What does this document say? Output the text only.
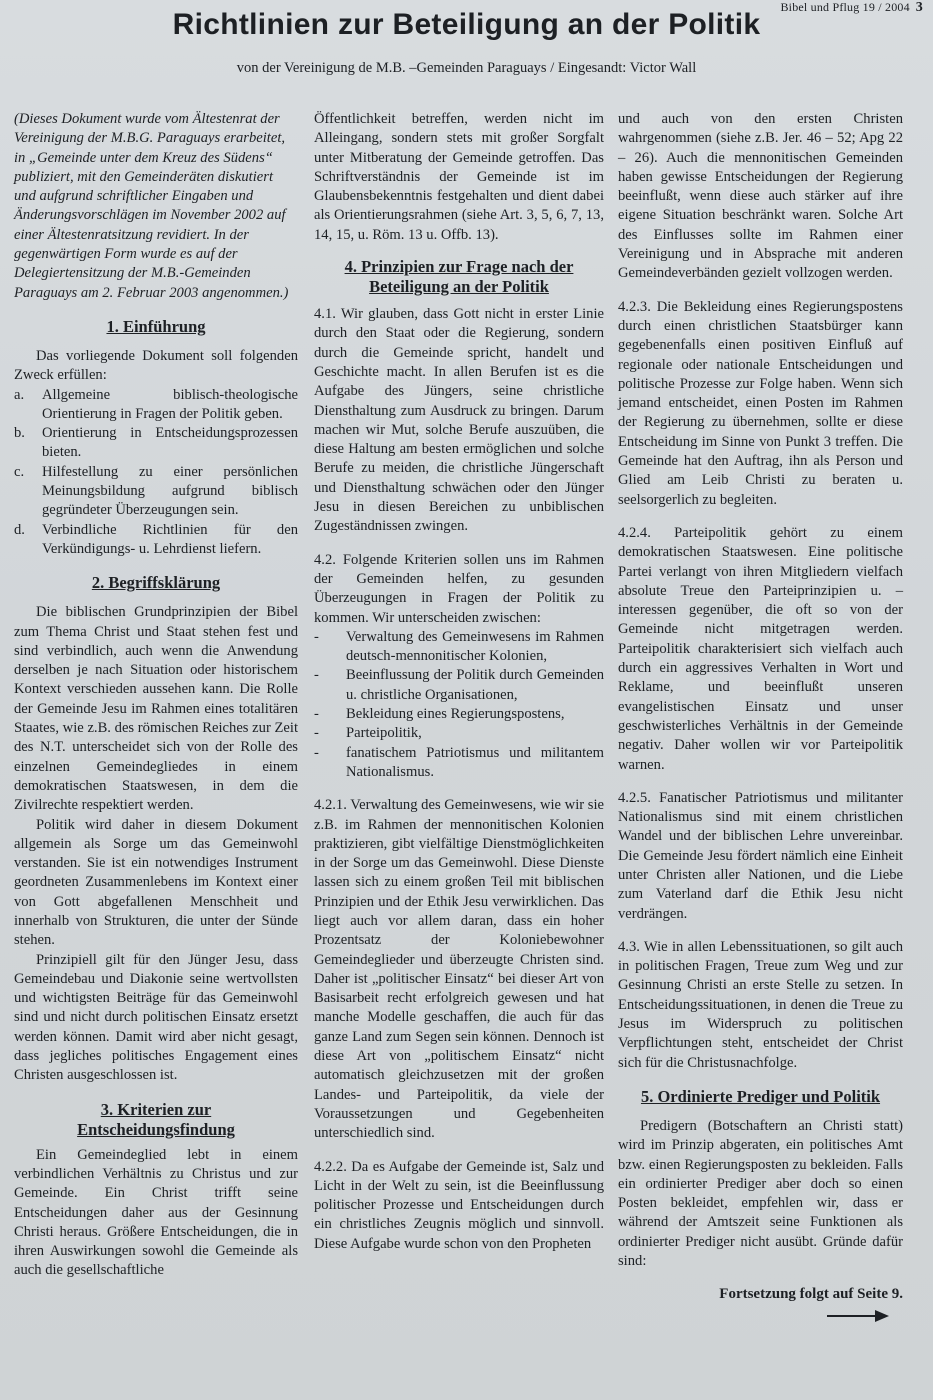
Bibel und Pflug 19 / 2004 3
Richtlinien zur Beteiligung an der Politik

von der Vereinigung de M.B. –Gemeinden Paraguays / Eingesandt: Victor Wall

(Dieses Dokument wurde vom Ältestenrat der Vereinigung der M.B.G. Paraguays erarbeitet, in „Gemeinde unter dem Kreuz des Südens“ publiziert, mit den Gemeinderäten diskutiert und aufgrund schriftlicher Eingaben und Änderungsvorschlägen im November 2002 auf einer Ältestenratsitzung revidiert. In der gegenwärtigen Form wurde es auf der Delegiertensitzung der M.B.-Gemeinden Paraguays am 2. Februar 2003 angenommen.)

1. Einführung

Das vorliegende Dokument soll folgenden Zweck erfüllen:

a.	Allgemeine biblisch-theologische Orientierung in Fragen der Politik geben.
b.	Orientierung in Entscheidungsprozessen bieten.
c.	Hilfestellung zu einer persönlichen Meinungsbildung aufgrund biblisch gegründeter Überzeugungen sein.
d.	Verbindliche Richtlinien für den Verkündigungs- u. Lehrdienst liefern.
2. Begriffsklärung

Die biblischen Grundprinzipien der Bibel zum Thema Christ und Staat stehen fest und sind verbindlich, auch wenn die Anwendung derselben je nach Situation oder historischem Kontext verschieden aussehen kann. Die Rolle der Gemeinde Jesu im Rahmen eines totalitären Staates, wie z.B. des römischen Reiches zur Zeit des N.T. unterscheidet sich von der Rolle des einzelnen Gemeindegliedes in einem demokratischen Staatswesen, in dem die Zivilrechte respektiert werden.

Politik wird daher in diesem Dokument allgemein als Sorge um das Gemeinwohl verstanden. Sie ist ein notwendiges Instrument geordneten Zusammenlebens im Kontext einer von Gott abgefallenen Menschheit und innerhalb von Strukturen, die unter der Sünde stehen.

Prinzipiell gilt für den Jünger Jesu, dass Gemeindebau und Diakonie seine wertvollsten und wichtigsten Beiträge für das Gemeinwohl sind und nicht durch politischen Einsatz ersetzt werden können. Damit wird aber nicht gesagt, dass jegliches politisches Engagement eines Christen ausgeschlossen ist.

3. Kriterien zur
Entscheidungsfindung

Ein Gemeindeglied lebt in einem verbindlichen Verhältnis zu Christus und zur Gemeinde. Ein Christ trifft seine Entscheidungen daher aus der Gesinnung Christi heraus. Größere Entscheidungen, die in ihren Auswirkungen sowohl die Gemeinde als auch die gesellschaftliche

Öffentlichkeit betreffen, werden nicht im Alleingang, sondern stets mit großer Sorgfalt unter Mitberatung der Gemeinde getroffen. Das Schriftverständnis der Gemeinde ist im Glaubensbekenntnis festgehalten und dient dabei als Orientierungsrahmen (siehe Art. 3, 5, 6, 7, 13, 14, 15, u. Röm. 13 u. Offb. 13).

4. Prinzipien zur Frage nach der
Beteiligung an der Politik

4.1. Wir glauben, dass Gott nicht in erster Linie durch den Staat oder die Regierung, sondern durch die Gemeinde spricht, handelt und Geschichte macht. In allen Berufen ist es die Aufgabe des Jüngers, seine christliche Diensthaltung zum Ausdruck zu bringen. Darum machen wir Mut, solche Berufe auszuüben, die diese Haltung am besten ermöglichen und solche Berufe zu meiden, die christliche Jüngerschaft und Diensthaltung schwächen oder den Jünger Jesu in diesen Bereichen zu unbiblischen Zugeständnissen zwingen.

4.2. Folgende Kriterien sollen uns im Rahmen der Gemeinden helfen, zu gesunden Überzeugungen in Fragen der Politik zu kommen. Wir unterscheiden zwischen:

-	Verwaltung des Gemeinwesens im Rahmen deutsch-mennonitischer Kolonien,
-	Beeinflussung der Politik durch Gemeinden u. christliche Organisationen,
-	Bekleidung eines Regierungspostens,
-	Parteipolitik,
-	fanatischem Patriotismus und militantem Nationalismus.

4.2.1. Verwaltung des Gemeinwesens, wie wir sie z.B. im Rahmen der mennonitischen Kolonien praktizieren, gibt vielfältige Dienstmöglichkeiten in der Sorge um das Gemeinwohl. Diese Dienste lassen sich zu einem großen Teil mit biblischen Prinzipien und der Ethik Jesu verwirklichen. Das liegt auch vor allem daran, dass ein hoher Prozentsatz der Koloniebewohner Gemeindeglieder und überzeugte Christen sind. Daher ist „politischer Einsatz“ bei dieser Art von Basisarbeit recht erfolgreich gewesen und hat manche Modelle geschaffen, die auch für das ganze Land zum Segen sein können. Dennoch ist diese Art von „politischem Einsatz“ nicht automatisch gleichzusetzen mit der großen Landes- und Parteipolitik, da viele der Voraussetzungen und Gegebenheiten unterschiedlich sind.

4.2.2. Da es Aufgabe der Gemeinde ist, Salz und Licht in der Welt zu sein, ist die Beeinflussung politischer Prozesse und Entscheidungen durch ein christliches Zeugnis möglich und sinnvoll. Diese Aufgabe wurde schon von den Propheten

und auch von den ersten Christen wahrgenommen (siehe z.B. Jer. 46 – 52; Apg 22 – 26). Auch die mennonitischen Gemeinden haben gewisse Entscheidungen der Regierung beeinflußt, wenn diese auch stärker auf ihre eigene Situation beschränkt waren. Solche Art des Einflusses sollte im Rahmen einer Vereinigung und in Absprache mit anderen Gemeindeverbänden gezielt vollzogen werden.

4.2.3. Die Bekleidung eines Regierungspostens durch einen christlichen Staatsbürger kann gegebenenfalls einen positiven Einfluß auf regionale oder nationale Entscheidungen und politische Prozesse zur Folge haben. Wenn sich jemand entscheidet, einen Posten im Rahmen der Regierung zu übernehmen, sollte er diese Entscheidung im Sinne von Punkt 3 treffen. Die Gemeinde hat den Auftrag, ihn als Person und Glied am Leib Christi zu beraten u. seelsorgerlich zu begleiten.

4.2.4. Parteipolitik gehört zu einem demokratischen Staatswesen. Eine politische Partei verlangt von ihren Mitgliedern vielfach absolute Treue den Parteiprinzipien u. –interessen gegenüber, die oft so von der Gemeinde nicht mitgetragen werden. Parteipolitik charakterisiert sich vielfach auch durch ein aggressives Verhalten in Wort und Reklame, und beeinflußt unseren evangelistischen Einsatz und unser geschwisterliches Verhältnis in der Gemeinde negativ. Daher wollen wir vor Parteipolitik warnen.

4.2.5. Fanatischer Patriotismus und militanter Nationalismus sind mit einem christlichen Wandel und der biblischen Lehre unvereinbar. Die Gemeinde Jesu fördert nämlich eine Einheit unter Christen aller Nationen, und die Liebe zum Vaterland darf die Ethik Jesu nicht verdrängen.

4.3. Wie in allen Lebenssituationen, so gilt auch in politischen Fragen, Treue zum Weg und zur Gesinnung Christi an erste Stelle zu setzen. In Entscheidungssituationen, in denen die Treue zu Jesus im Widerspruch zu politischen Verpflichtungen steht, entscheidet der Christ sich für die Christusnachfolge.

5. Ordinierte Prediger und Politik

Predigern (Botschaftern an Christi statt) wird im Prinzip abgeraten, ein politisches Amt bzw. einen Regierungsposten zu bekleiden. Falls ein ordinierter Prediger aber doch so einen Posten bekleidet, empfehlen wir, dass er während der Amtszeit seine Funktionen als ordinierter Prediger nicht ausübt. Gründe dafür sind:

Fortsetzung folgt auf Seite 9.
